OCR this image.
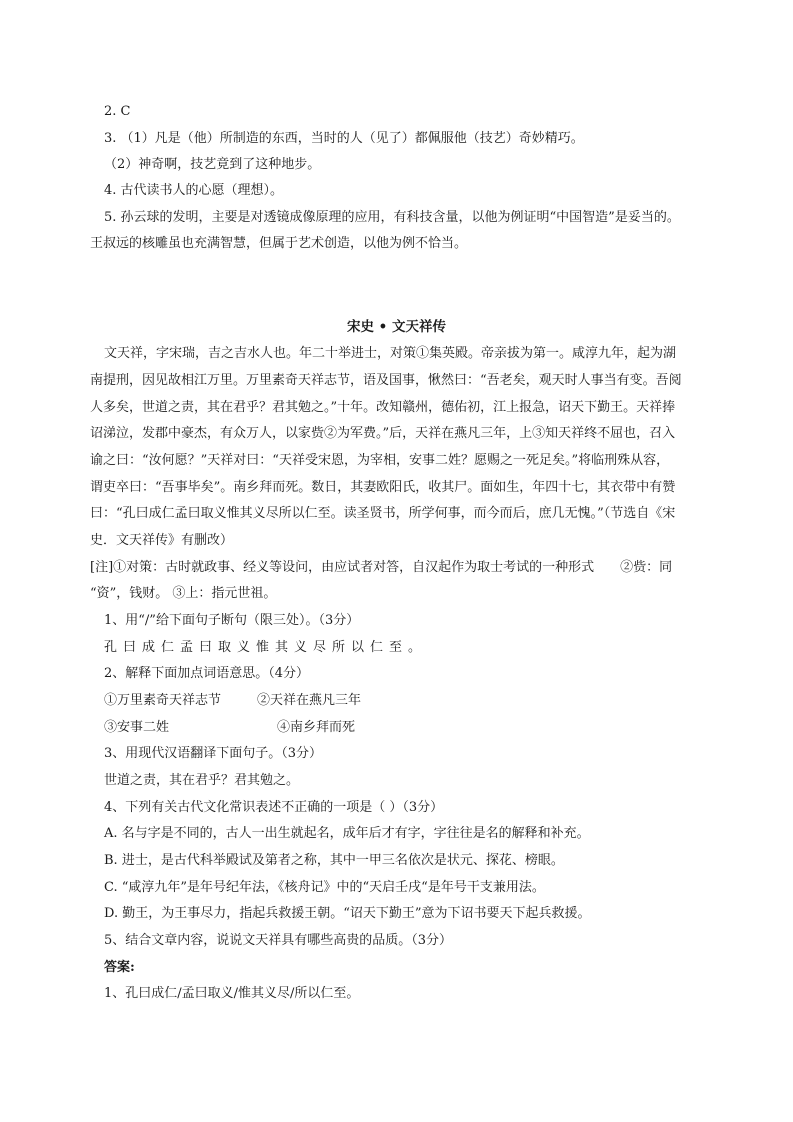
2. C
3. （1）凡是（他）所制造的东西，当时的人（见了）都佩服他（技艺）奇妙精巧。
（2）神奇啊，技艺竟到了这种地步。
4. 古代读书人的心愿（理想）。
5. 孙云球的发明，主要是对透镜成像原理的应用，有科技含量，以他为例证明“中国智造”是妥当的。
王叔远的核雕虽也充满智慧，但属于艺术创造，以他为例不恰当。
宋史 • 文天祥传
文天祥，字宋瑞，吉之吉水人也。年二十举进士，对策①集英殿。帝亲拔为第一。咸淳九年，起为湖
南提刑，因见故相江万里。万里素奇天祥志节，语及国事，愀然曰：“吾老矣，观天时人事当有变。吾阅
人多矣，世道之责，其在君乎？君其勉之。”十年。改知赣州，德佑初，江上报急，诏天下勤王。天祥捧
诏涕泣，发郡中豪杰，有众万人，以家赀②为军费。”后，天祥在燕凡三年，上③知天祥终不屈也，召入
谕之曰：“汝何愿？”天祥对曰：“天祥受宋恩，为宰相，安事二姓？愿赐之一死足矣。”将临刑殊从容，
谓吏卒曰：“吾事毕矣”。南乡拜而死。数日，其妻欧阳氏，收其尸。面如生，年四十七，其衣带中有赞
曰：“孔曰成仁孟曰取义惟其义尽所以仁至。读圣贤书，所学何事，而今而后，庶几无愧。”（节选自《宋
史．文天祥传》有删改）
[注]①对策：古时就政事、经义等设问，由应试者对答，自汉起作为取士考试的一种形式 ②赀：同
“资”，钱财。 ③上：指元世祖。
1、用“/”给下面句子断句（限三处）。（3分）
孔曰成仁孟曰取义惟其义尽所以仁至。
2、解释下面加点词语意思。（4分）
①万里素奇天祥志节	②天祥在燕凡三年
③安事二姓	④南乡拜而死
3、用现代汉语翻译下面句子。（3分）
世道之责，其在君乎？君其勉之。
4、下列有关古代文化常识表述不正确的一项是（ ）（3分）
A. 名与字是不同的，古人一出生就起名，成年后才有字，字往往是名的解释和补充。
B. 进士，是古代科举殿试及第者之称，其中一甲三名依次是状元、探花、榜眼。
C. “咸淳九年”是年号纪年法，《核舟记》中的“天启壬戌“是年号干支兼用法。
D. 勤王，为王事尽力，指起兵救援王朝。“诏天下勤王”意为下诏书要天下起兵救援。
5、结合文章内容，说说文天祥具有哪些高贵的品质。（3分）
答案:
1、孔曰成仁/孟曰取义/惟其义尽/所以仁至。
